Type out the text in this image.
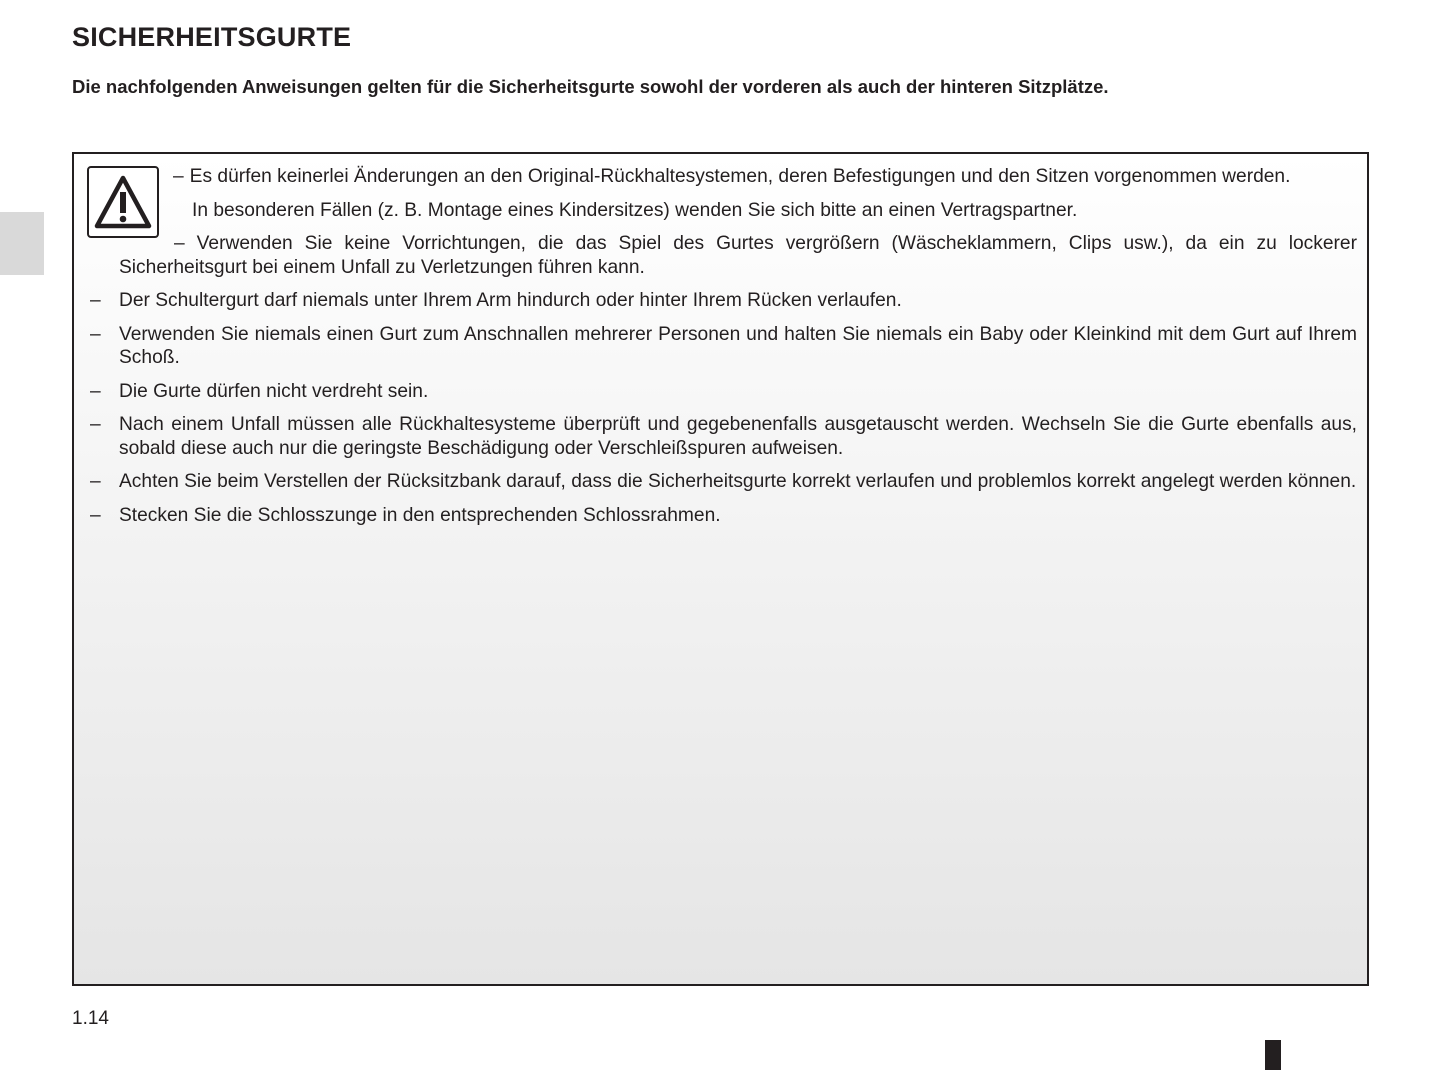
SICHERHEITSGURTE

Die nachfolgenden Anweisungen gelten für die Sicherheitsgurte sowohl der vorderen als auch der hinteren Sitzplätze.

– Es dürfen keinerlei Änderungen an den Original-Rückhaltesystemen, deren Befestigungen und den Sitzen vorgenommen werden.

In besonderen Fällen (z. B. Montage eines Kindersitzes) wenden Sie sich bitte an einen Vertragspartner.

– Verwenden Sie keine Vorrichtungen, die das Spiel des Gurtes vergrößern (Wäscheklammern, Clips usw.), da ein zu lockerer Sicherheitsgurt bei einem Unfall zu Verletzungen führen kann.

– Der Schultergurt darf niemals unter Ihrem Arm hindurch oder hinter Ihrem Rücken verlaufen.
– Verwenden Sie niemals einen Gurt zum Anschnallen mehrerer Personen und halten Sie niemals ein Baby oder Kleinkind mit dem Gurt auf Ihrem Schoß.
– Die Gurte dürfen nicht verdreht sein.
– Nach einem Unfall müssen alle Rückhaltesysteme überprüft und gegebenenfalls ausgetauscht werden. Wechseln Sie die Gurte ebenfalls aus, sobald diese auch nur die geringste Beschädigung oder Verschleißspuren aufweisen.
– Achten Sie beim Verstellen der Rücksitzbank darauf, dass die Sicherheitsgurte korrekt verlaufen und problemlos korrekt angelegt werden können.
– Stecken Sie die Schlosszunge in den entsprechenden Schlossrahmen.
1.14
